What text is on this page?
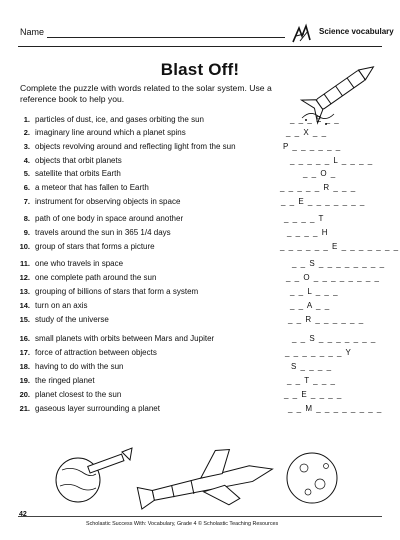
Name	Science vocabulary
Blast Off!
Complete the puzzle with words related to the solar system. Use a reference book to help you.
1. particles of dust, ice, and gases orbiting the sun	_ _ _ E _ _
2. imaginary line around which a planet spins	_ _ X _ _
3. objects revolving around and reflecting light from the sun	P _ _ _ _ _ _
4. objects that orbit planets	_ _ _ _ _ L _ _ _ _
5. satellite that orbits Earth	_ _ O _
6. a meteor that has fallen to Earth	_ _ _ _ _ R _ _ _
7. instrument for observing objects in space	_ _ E _ _ _ _ _ _ _
8. path of one body in space around another	_ _ _ _ T
9. travels around the sun in 365 1/4 days	_ _ _ _ H
10. group of stars that forms a picture	_ _ _ _ _ _ E _ _ _ _ _ _ _
11. one who travels in space	_ _ S _ _ _ _ _ _ _ _
12. one complete path around the sun	_ _ O _ _ _ _ _ _ _ _
13. grouping of billions of stars that form a system	_ _ L _ _ _
14. turn on an axis	_ _ A _ _
15. study of the universe	_ _ R _ _ _ _ _ _
16. small planets with orbits between Mars and Jupiter	_ _ S _ _ _ _ _ _ _
17. force of attraction between objects	_ _ _ _ _ _ _ Y
18. having to do with the sun	S _ _ _ _
19. the ringed planet	_ _ T _ _ _
20. planet closest to the sun	_ _ E _ _ _ _
21. gaseous layer surrounding a planet	_ _ M _ _ _ _ _ _ _ _
42
Scholastic Success With: Vocabulary, Grade 4 © Scholastic Teaching Resources
